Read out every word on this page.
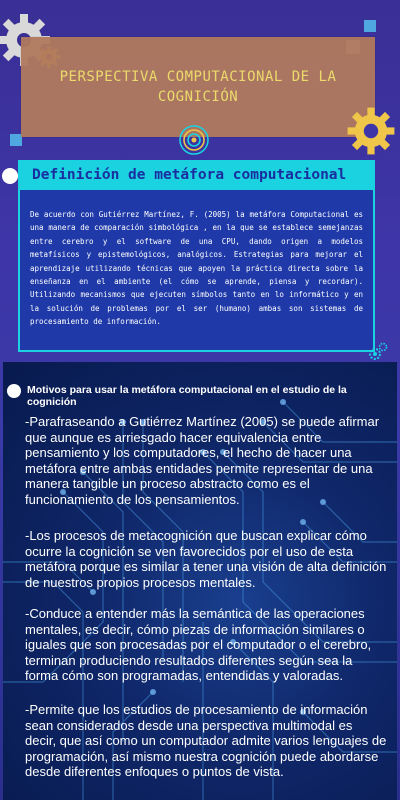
PERSPECTIVA COMPUTACIONAL DE LA COGNICIÓN
Definición de metáfora computacional

De acuerdo con Gutiérrez Martínez, F. (2005) la metáfora Computacional es una manera de comparación simbológica , en la que se establece semejanzas entre cerebro y el software de una CPU, dando origen a modelos metafísicos y epistemológicos, analógicos. Estrategias para mejorar el aprendizaje utilizando técnicas que apoyen la práctica directa sobre la enseñanza en el ambiente (el cómo se aprende, piensa y recordar). Utilizando mecanismos que ejecuten símbolos tanto en lo informático y en la solución de problemas por el ser (humano) ambas son sistemas de procesamiento de información.

Motivos para usar la metáfora computacional en el estudio de la cognición

-Parafraseando a Gutiérrez Martínez (2005) se puede afirmar que aunque es arriesgado hacer equivalencia entre pensamiento y los computadores, el hecho de hacer una metáfora entre ambas entidades permite representar de una manera tangible un proceso abstracto como es el funcionamiento de los pensamientos.

-Los procesos de metacognición que buscan explicar cómo ocurre la cognición se ven favorecidos por el uso de esta metáfora porque es similar a tener una visión de alta definición de nuestros propios procesos mentales.

-Conduce a entender más la semántica de las operaciones mentales, es decir, cómo piezas de información similares o iguales que son procesadas por el computador o el cerebro, terminan produciendo resultados diferentes según sea la forma cómo son programadas, entendidas y valoradas.

-Permite que los estudios de procesamiento de información sean considerados desde una perspectiva multimodal es decir, que así como un computador admite varios lenguajes de programación, así mismo nuestra cognición puede abordarse desde diferentes enfoques o puntos de vista.
